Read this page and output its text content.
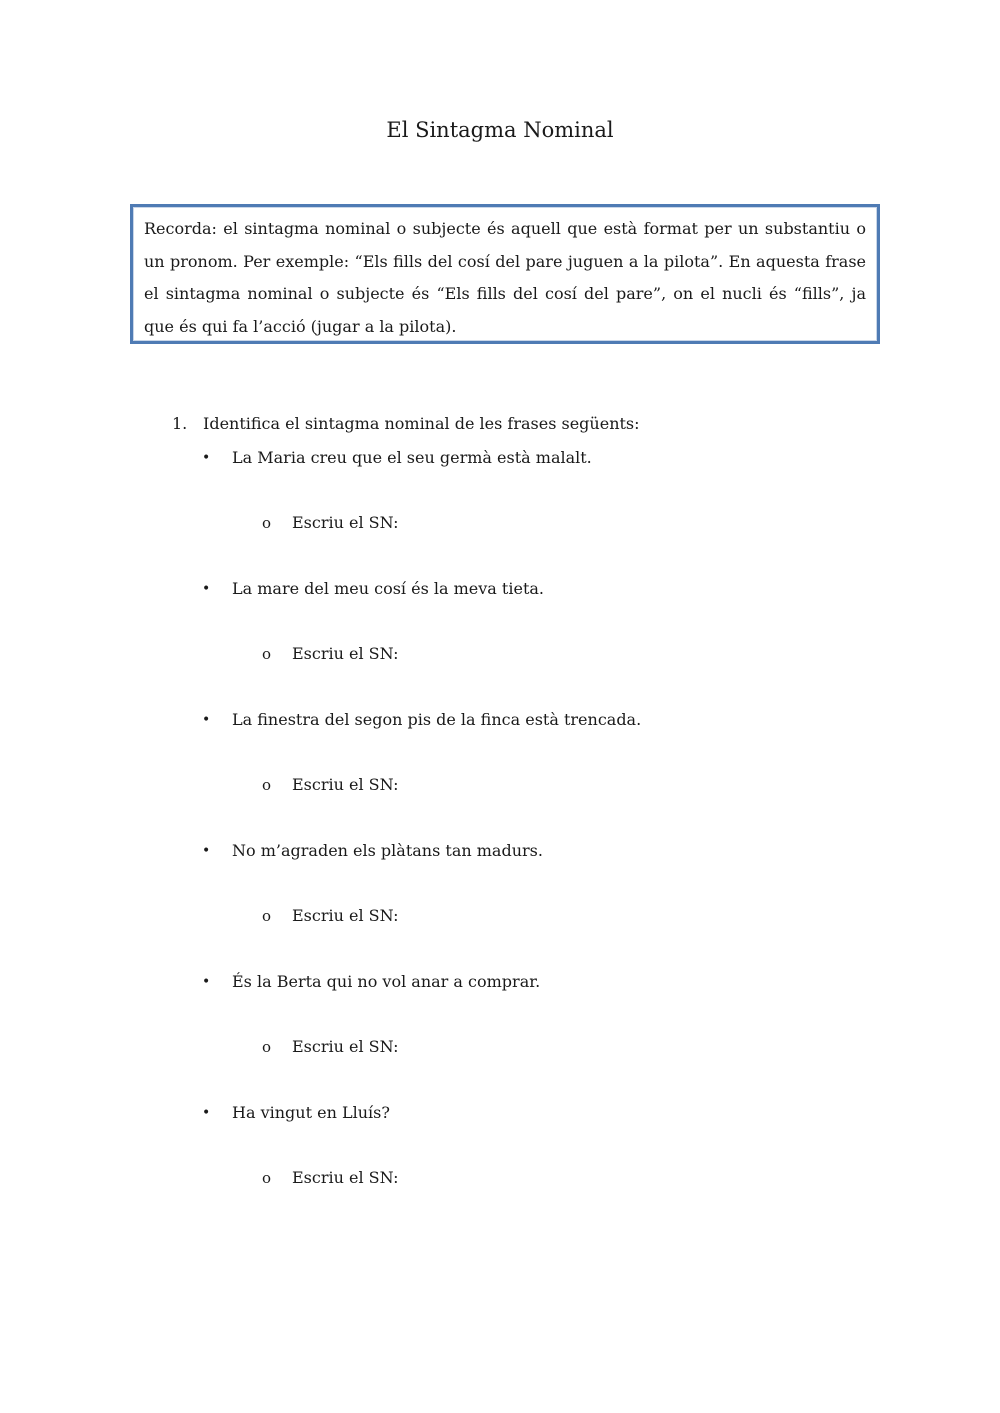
El Sintagma Nominal

Recorda: el sintagma nominal o subjecte és aquell que està format per un substantiu o un pronom. Per exemple: “Els fills del cosí del pare juguen a la pilota”. En aquesta frase el sintagma nominal o subjecte és “Els fills del cosí del pare”, on el nucli és “fills”, ja que és qui fa l’acció (jugar a la pilota).

1. Identifica el sintagma nominal de les frases següents:
• La Maria creu que el seu germà està malalt.
o Escriu el SN:
• La mare del meu cosí és la meva tieta.
o Escriu el SN:
• La finestra del segon pis de la finca està trencada.
o Escriu el SN:
• No m’agraden els plàtans tan madurs.
o Escriu el SN:
• És la Berta qui no vol anar a comprar.
o Escriu el SN:
• Ha vingut en Lluís?
o Escriu el SN:
